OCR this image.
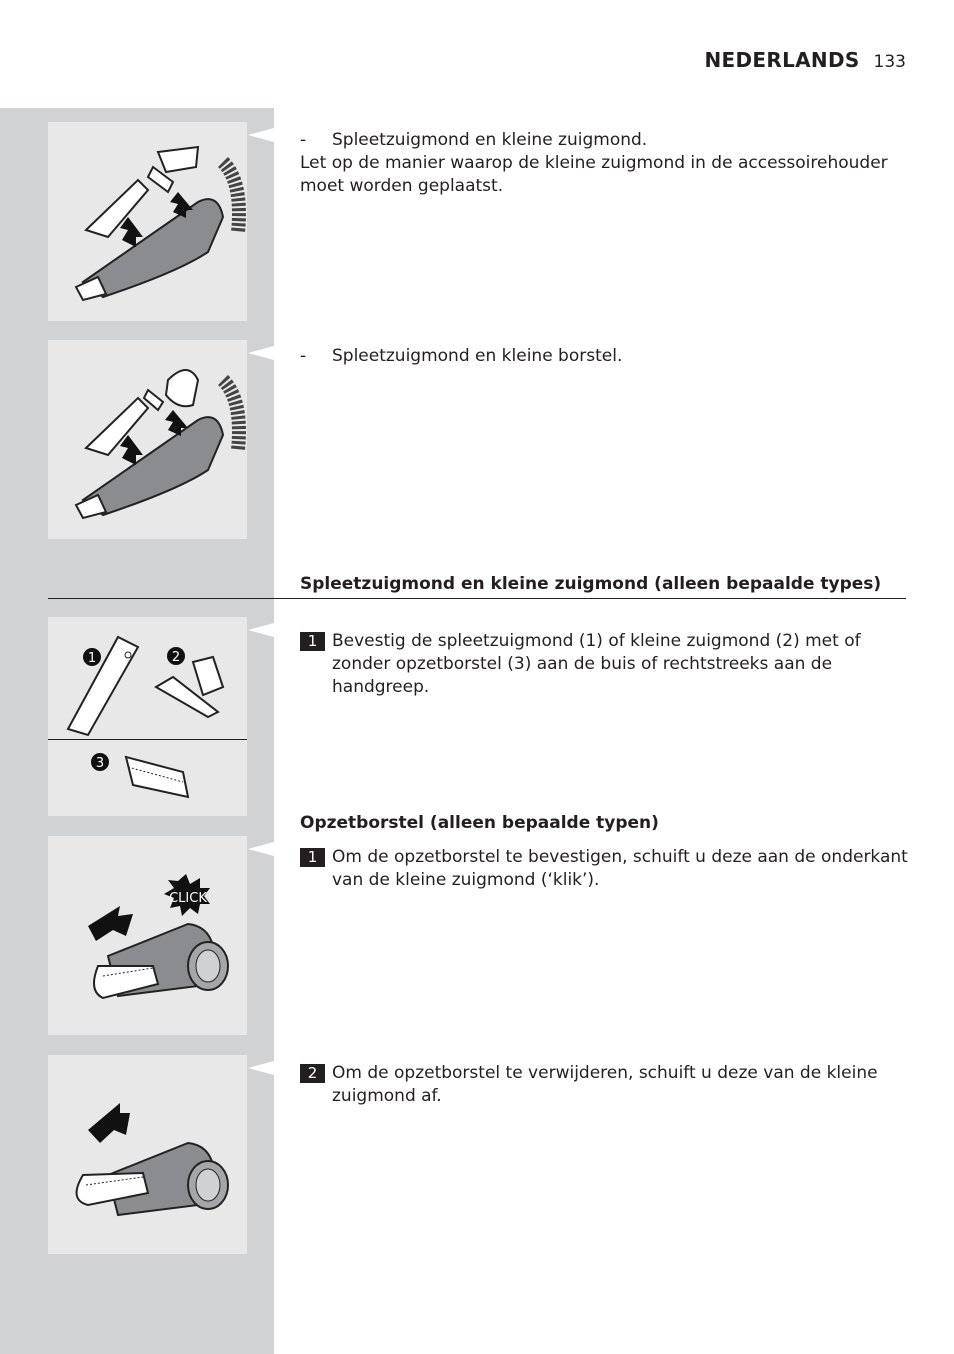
NEDERLANDS 133
1	2
3
CLICK
- Spleetzuigmond en kleine zuigmond.
Let op de manier waarop de kleine zuigmond in de accessoirehouder moet worden geplaatst.
- Spleetzuigmond en kleine borstel.
Spleetzuigmond en kleine zuigmond (alleen bepaalde types)
1 Bevestig de spleetzuigmond (1) of kleine zuigmond (2) met of zonder opzetborstel (3) aan de buis of rechtstreeks aan de handgreep.
Opzetborstel (alleen bepaalde typen)
1 Om de opzetborstel te bevestigen, schuift u deze aan de onderkant van de kleine zuigmond (‘klik’).
2 Om de opzetborstel te verwijderen, schuift u deze van de kleine zuigmond af.
